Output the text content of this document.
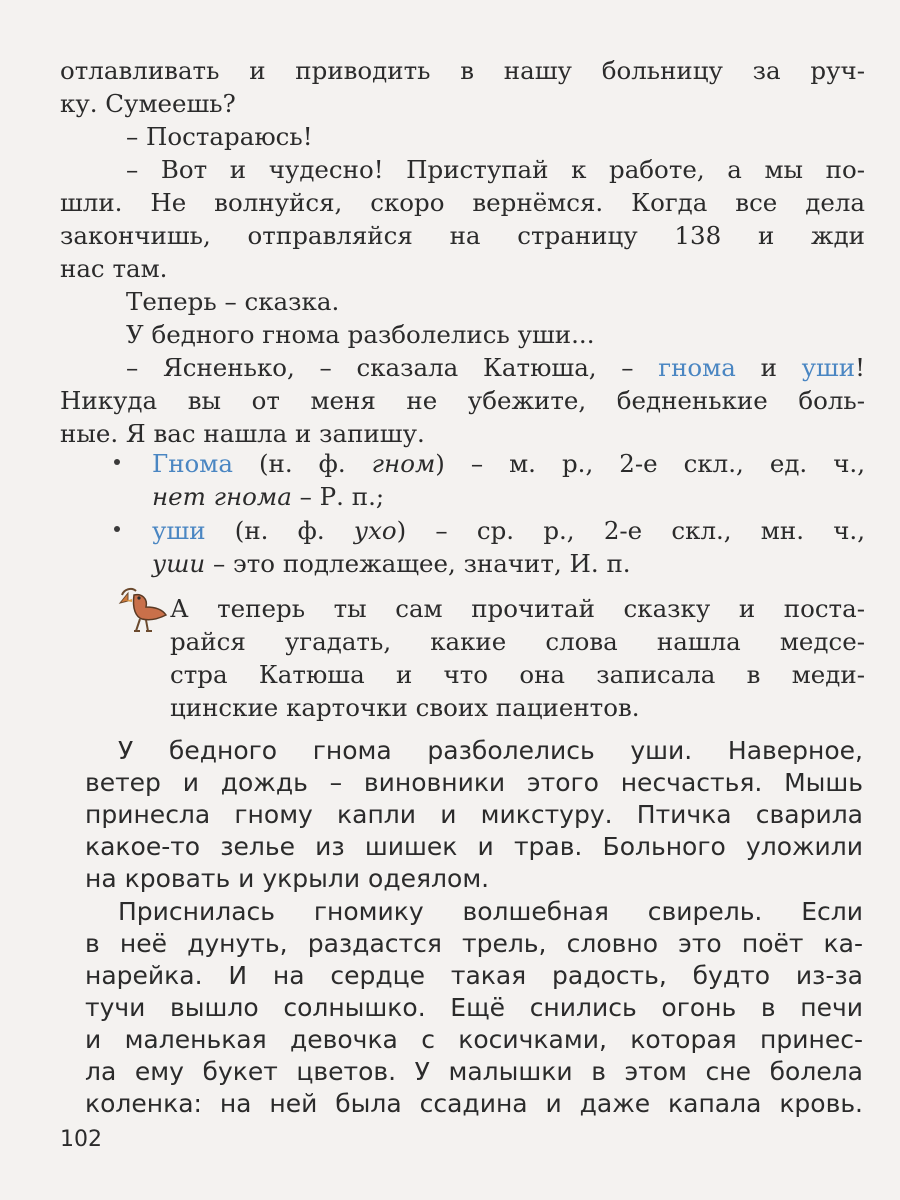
отлавливать и приводить в нашу больницу за руч-
ку. Сумеешь?
– Постараюсь!
– Вот и чудесно! Приступай к работе, а мы по-
шли. Не волнуйся, скоро вернёмся. Когда все дела
закончишь, отправляйся на страницу 138 и жди
нас там.
Теперь – сказка.
У бедного гнома разболелись уши...
– Ясненько, – сказала Катюша, – гнома и уши!
Никуда вы от меня не убежите, бедненькие боль-
ные. Я вас нашла и запишу.
Гнома (н. ф. гном) – м. р., 2-е скл., ед. ч.,
нет гнома – Р. п.;
уши (н. ф. ухо) – ср. р., 2-е скл., мн. ч.,
уши – это подлежащее, значит, И. п.
А теперь ты сам прочитай сказку и поста-
райся угадать, какие слова нашла медсе-
стра Катюша и что она записала в меди-
цинские карточки своих пациентов.
У бедного гнома разболелись уши. Наверное,
ветер и дождь – виновники этого несчастья. Мышь
принесла гному капли и микстуру. Птичка сварила
какое-то зелье из шишек и трав. Больного уложили
на кровать и укрыли одеялом.
Приснилась гномику волшебная свирель. Если
в неё дунуть, раздастся трель, словно это поёт ка-
нарейка. И на сердце такая радость, будто из-за
тучи вышло солнышко. Ещё снились огонь в печи
и маленькая девочка с косичками, которая принес-
ла ему букет цветов. У малышки в этом сне болела
коленка: на ней была ссадина и даже капала кровь.
102
